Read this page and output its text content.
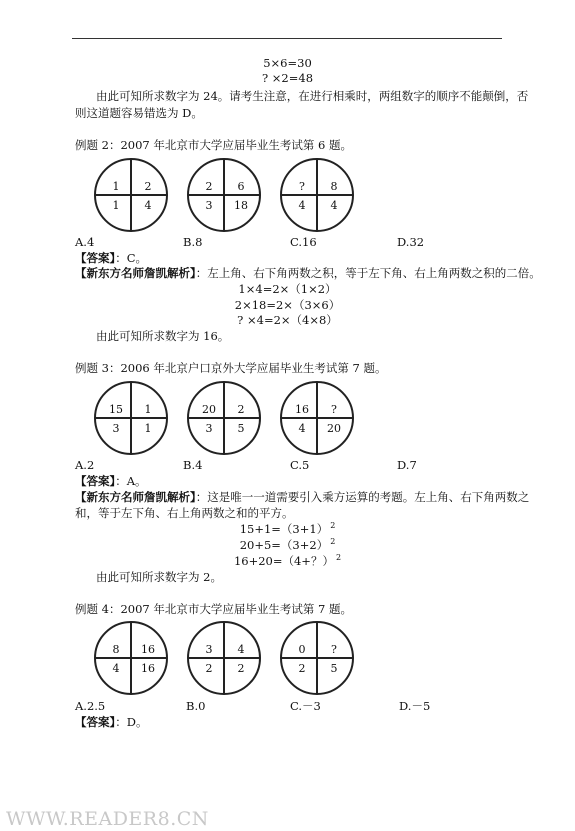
5×6=30
? ×2=48
由此可知所求数字为 24。请考生注意，在进行相乘时，两组数字的顺序不能颠倒，否
则这道题容易错选为 D。
例题 2：2007 年北京市大学应届毕业生考试第 6 题。
1	2
1	4
2	6
3	18
?	8
4	4
A.4	B.8	C.16	D.32
【答案】：C。
【新东方名师詹凯解析】：左上角、右下角两数之积，等于左下角、右上角两数之积的二倍。
1×4=2×（1×2）
2×18=2×（3×6）
? ×4=2×（4×8）
由此可知所求数字为 16。
例题 3：2006 年北京户口京外大学应届毕业生考试第 7 题。
15	1
3	1
20	2
3	5
16	?
4	20
A.2	B.4	C.5	D.7
【答案】：A。
【新东方名师詹凯解析】：这是唯一一道需要引入乘方运算的考题。左上角、右下角两数之
和，等于左下角、右上角两数之和的平方。
15+1=（3+1） $^2$
20+5=（3+2） $^2$
16+20=（4+？） $^2$
由此可知所求数字为 2。
例题 4：2007 年北京市大学应届毕业生考试第 7 题。
8	16
4	16
3	4
2	2
0	?
2	5
A.2.5	B.0	C.－3	D.－5
【答案】：D。
WWW.READER8.CN
